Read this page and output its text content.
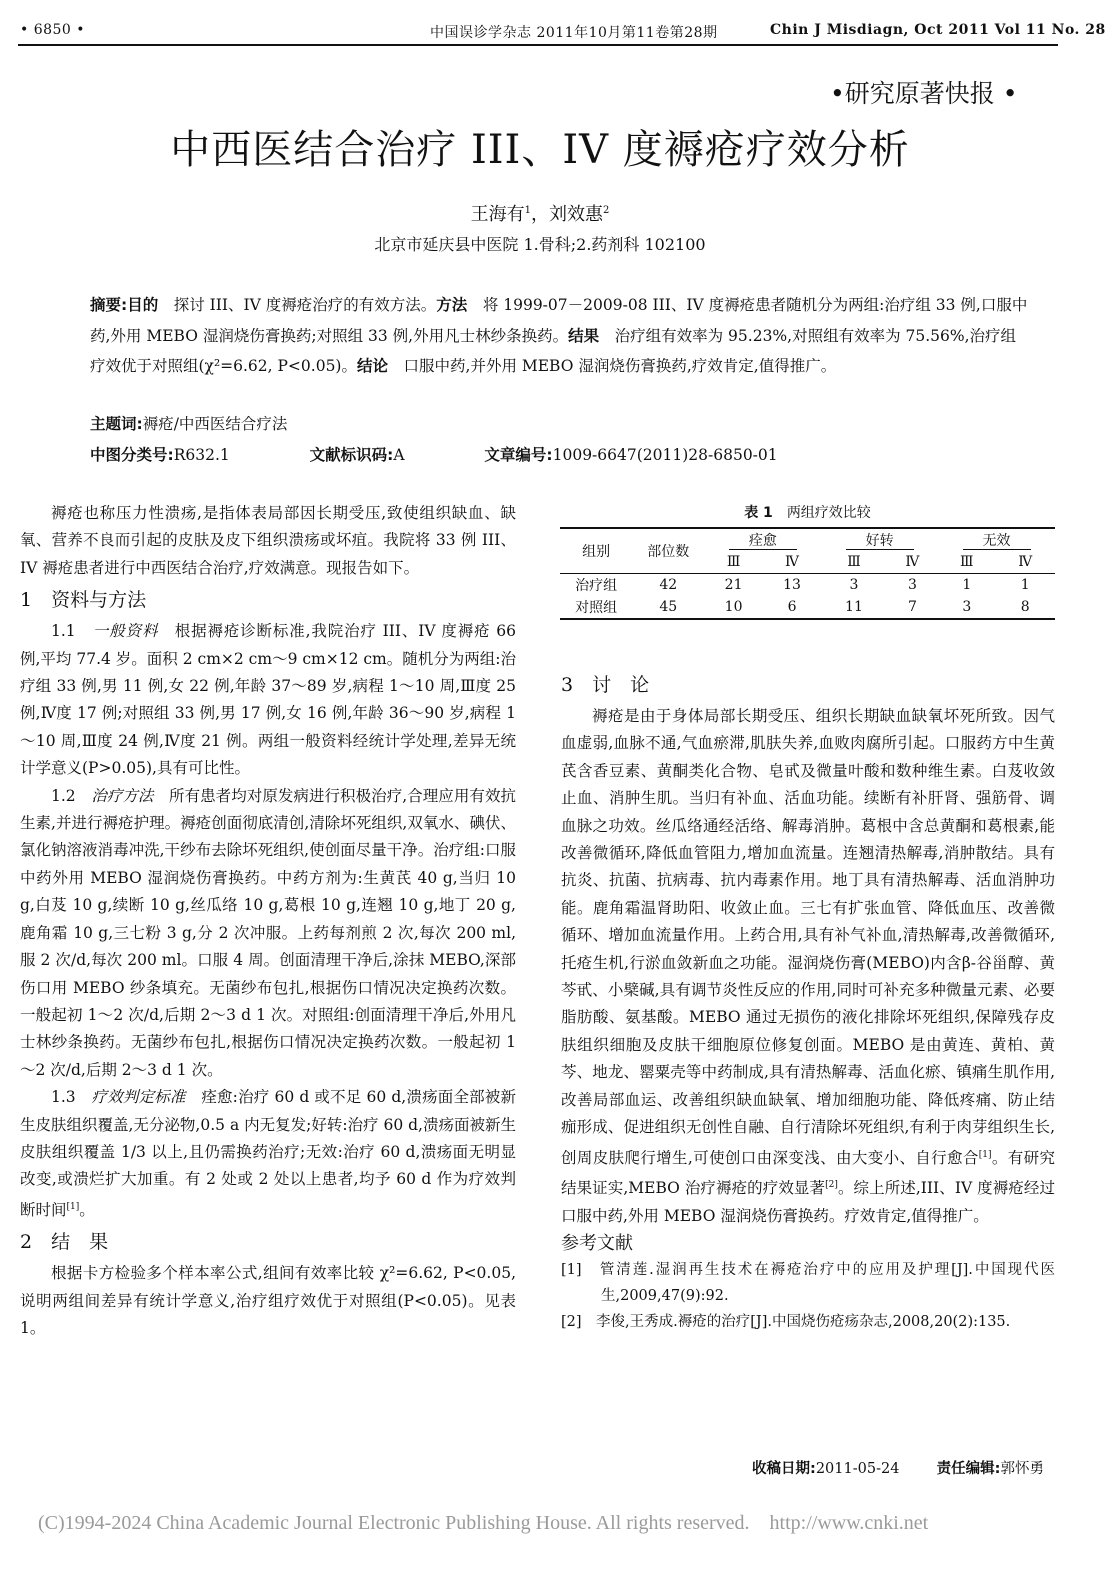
• 6850 •	中国误诊学杂志 2011年10月第11卷第28期	Chin J Misdiagn, Oct 2011 Vol 11 No. 28
•研究原著快报 •
中西医结合治疗 III、IV 度褥疮疗效分析
王海有$^1$，刘效惠$^2$
北京市延庆县中医院 1.骨科;2.药剂科 102100
摘要:目的　 探讨 III、IV 度褥疮治疗的有效方法。方法　 将 1999-07－2009-08 III、IV 度褥疮患者随机分为两组:治疗组 33 例,口服中药,外用 MEBO 湿润烧伤膏换药;对照组 33 例,外用凡士林纱条换药。结果　 治疗组有效率为 95.23%,对照组有效率为 75.56%,治疗组疗效优于对照组(χ²=6.62, P<0.05)。结论　 口服中药,并外用 MEBO 湿润烧伤膏换药,疗效肯定,值得推广。
主题词:褥疮/中西医结合疗法
中图分类号:R632.1	文献标识码:A	文章编号:1009-6647(2011)28-6850-01

褥疮也称压力性溃疡,是指体表局部因长期受压,致使组织缺血、缺氧、营养不良而引起的皮肤及皮下组织溃疡或坏疽。我院将 33 例 III、IV 褥疮患者进行中西医结合治疗,疗效满意。现报告如下。

1　资料与方法

1.1　 一般资料　 根据褥疮诊断标准,我院治疗 III、IV 度褥疮 66 例,平均 77.4 岁。面积 2 cm×2 cm～9 cm×12 cm。随机分为两组:治疗组 33 例,男 11 例,女 22 例,年龄 37～89 岁,病程 1～10 周,Ⅲ度 25 例,Ⅳ度 17 例;对照组 33 例,男 17 例,女 16 例,年龄 36～90 岁,病程 1～10 周,Ⅲ度 24 例,Ⅳ度 21 例。两组一般资料经统计学处理,差异无统计学意义(P>0.05),具有可比性。

1.2　 治疗方法　 所有患者均对原发病进行积极治疗,合理应用有效抗生素,并进行褥疮护理。褥疮创面彻底清创,清除坏死组织,双氧水、碘伏、氯化钠溶液消毒冲洗,干纱布去除坏死组织,使创面尽量干净。治疗组:口服中药外用 MEBO 湿润烧伤膏换药。中药方剂为:生黄芪 40 g,当归 10 g,白芨 10 g,续断 10 g,丝瓜络 10 g,葛根 10 g,连翘 10 g,地丁 20 g,鹿角霜 10 g,三七粉 3 g,分 2 次冲服。上药每剂煎 2 次,每次 200 ml,服 2 次/d,每次 200 ml。口服 4 周。创面清理干净后,涂抹 MEBO,深部伤口用 MEBO 纱条填充。无菌纱布包扎,根据伤口情况决定换药次数。一般起初 1～2 次/d,后期 2～3 d 1 次。对照组:创面清理干净后,外用凡士林纱条换药。无菌纱布包扎,根据伤口情况决定换药次数。一般起初 1～2 次/d,后期 2～3 d 1 次。

1.3　 疗效判定标准　 痊愈:治疗 60 d 或不足 60 d,溃疡面全部被新生皮肤组织覆盖,无分泌物,0.5 a 内无复发;好转:治疗 60 d,溃疡面被新生皮肤组织覆盖 1/3 以上,且仍需换药治疗;无效:治疗 60 d,溃疡面无明显改变,或溃烂扩大加重。有 2 处或 2 处以上患者,均予 60 d 作为疗效判断时间[1]。

2　结　果

根据卡方检验多个样本率公式,组间有效率比较 χ²=6.62, P<0.05,说明两组间差异有统计学意义,治疗组疗效优于对照组(P<0.05)。见表 1。

表 1　 两组疗效比较
组别	部位数	痊愈		好转		无效	
		Ⅲ	Ⅳ	Ⅲ	Ⅳ	Ⅲ	Ⅳ
治疗组	42	21	13	3	3	1	1
对照组	45	10	6	11	7	3	8

3　讨　论

褥疮是由于身体局部长期受压、组织长期缺血缺氧坏死所致。因气血虚弱,血脉不通,气血瘀滞,肌肤失养,血败肉腐所引起。口服药方中生黄芪含香豆素、黄酮类化合物、皂甙及微量叶酸和数种维生素。白芨收敛止血、消肿生肌。当归有补血、活血功能。续断有补肝肾、强筋骨、调血脉之功效。丝瓜络通经活络、解毒消肿。葛根中含总黄酮和葛根素,能改善微循环,降低血管阻力,增加血流量。连翘清热解毒,消肿散结。具有抗炎、抗菌、抗病毒、抗内毒素作用。地丁具有清热解毒、活血消肿功能。鹿角霜温肾助阳、收敛止血。三七有扩张血管、降低血压、改善微循环、增加血流量作用。上药合用,具有补气补血,清热解毒,改善微循环,托疮生机,行淤血敛新血之功能。湿润烧伤膏(MEBO)内含β-谷甾醇、黄芩甙、小檗碱,具有调节炎性反应的作用,同时可补充多种微量元素、必要脂肪酸、氨基酸。MEBO 通过无损伤的液化排除坏死组织,保障残存皮肤组织细胞及皮肤干细胞原位修复创面。MEBO 是由黄连、黄柏、黄芩、地龙、罂粟壳等中药制成,具有清热解毒、活血化瘀、镇痛生肌作用,改善局部血运、改善组织缺血缺氧、增加细胞功能、降低疼痛、防止结痂形成、促进组织无创性自融、自行清除坏死组织,有利于肉芽组织生长,创周皮肤爬行增生,可使创口由深变浅、由大变小、自行愈合[1]。有研究结果证实,MEBO 治疗褥疮的疗效显著[2]。综上所述,III、IV 度褥疮经过口服中药,外用 MEBO 湿润烧伤膏换药。疗效肯定,值得推广。

参考文献

[1]　管清莲.湿润再生技术在褥疮治疗中的应用及护理[J].中国现代医生,2009,47(9):92.

[2]　李俊,王秀成.褥疮的治疗[J].中国烧伤疮疡杂志,2008,20(2):135.

收稿日期:2011-05-24	责任编辑:郭怀勇
(C)1994-2024 China Academic Journal Electronic Publishing House. All rights reserved.　http://www.cnki.net
